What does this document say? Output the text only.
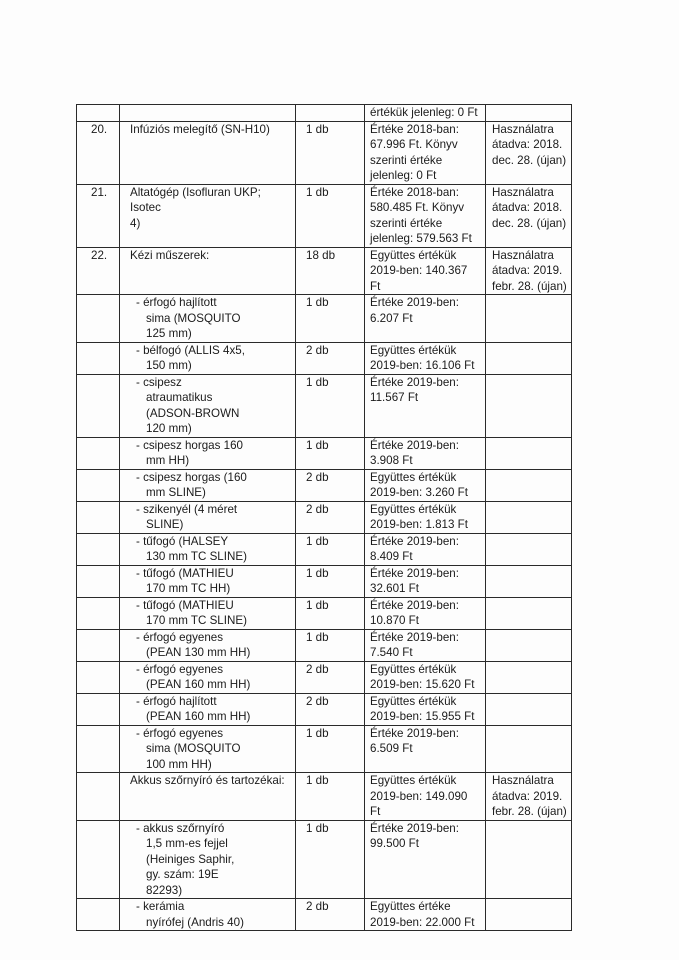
			értékük jelenleg: 0 Ft	
20.	Infúziós melegítő (SN-H10)	1 db	Értéke 2018-ban:
67.996 Ft. Könyv
szerinti értéke
jelenleg: 0 Ft	Használatra
átadva: 2018.
dec. 28. (újan)
21.	Altatógép (Isofluran UKP; Isotec
4)	1 db	Értéke 2018-ban:
580.485 Ft. Könyv
szerinti értéke
jelenleg: 579.563 Ft	Használatra
átadva: 2018.
dec. 28. (újan)
22.	Kézi műszerek:	18 db	Együttes értékük
2019-ben: 140.367
Ft	Használatra
átadva: 2019.
febr. 28. (újan)
	- érfogó hajlított
sima (MOSQUITO
125 mm)	1 db	Értéke 2019-ben:
6.207 Ft	
	- bélfogó (ALLIS 4x5,
150 mm)	2 db	Együttes értékük
2019-ben: 16.106 Ft	
	- csipesz
atraumatikus
(ADSON-BROWN
120 mm)	1 db	Értéke 2019-ben:
11.567 Ft	
	- csipesz horgas 160
mm HH)	1 db	Értéke 2019-ben:
3.908 Ft	
	- csipesz horgas (160
mm SLINE)	2 db	Együttes értékük
2019-ben: 3.260 Ft	
	- szikenyél (4 méret
SLINE)	2 db	Együttes értékük
2019-ben: 1.813 Ft	
	- tűfogó (HALSEY
130 mm TC SLINE)	1 db	Értéke 2019-ben:
8.409 Ft	
	- tűfogó (MATHIEU
170 mm TC HH)	1 db	Értéke 2019-ben:
32.601 Ft	
	- tűfogó (MATHIEU
170 mm TC SLINE)	1 db	Értéke 2019-ben:
10.870 Ft	
	- érfogó egyenes
(PEAN 130 mm HH)	1 db	Értéke 2019-ben:
7.540 Ft	
	- érfogó egyenes
(PEAN 160 mm HH)	2 db	Együttes értékük
2019-ben: 15.620 Ft	
	- érfogó hajlított
(PEAN 160 mm HH)	2 db	Együttes értékük
2019-ben: 15.955 Ft	
	- érfogó egyenes
sima (MOSQUITO
100 mm HH)	1 db	Értéke 2019-ben:
6.509 Ft	
	Akkus szőrnyíró és tartozékai:	1 db	Együttes értékük
2019-ben: 149.090
Ft	Használatra
átadva: 2019.
febr. 28. (újan)
	- akkus szőrnyíró
1,5 mm-es fejjel
(Heiniges Saphir,
gy. szám: 19E
82293)	1 db	Értéke 2019-ben:
99.500 Ft	
	- kerámia
nyírófej (Andris 40)	2 db	Együttes értéke
2019-ben: 22.000 Ft	
